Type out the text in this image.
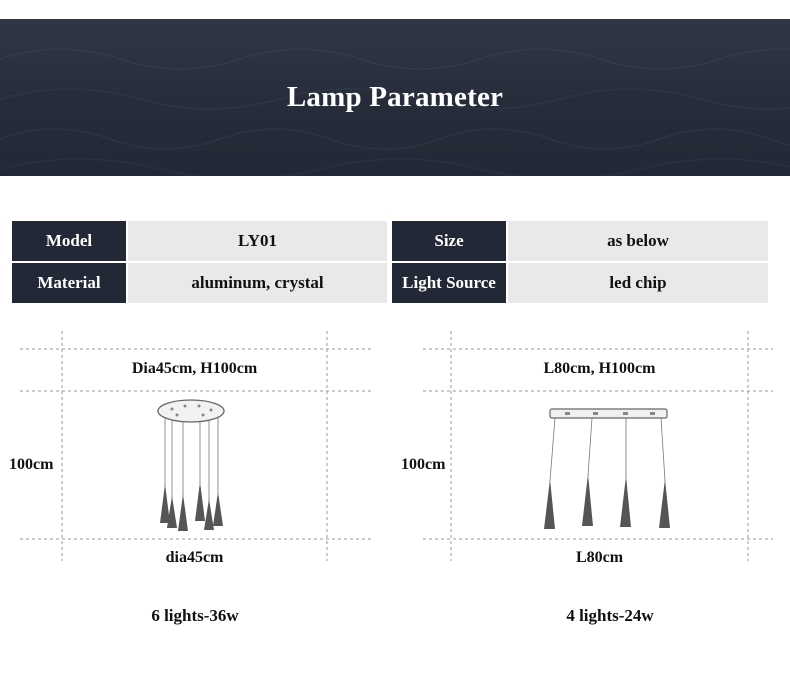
Lamp Parameter
Model	LY01	Size	as below
Material	aluminum, crystal	Light Source	led chip
Dia45cm, H100cm
100cm
dia45cm
L80cm, H100cm
100cm
L80cm
6 lights-36w	4 lights-24w
